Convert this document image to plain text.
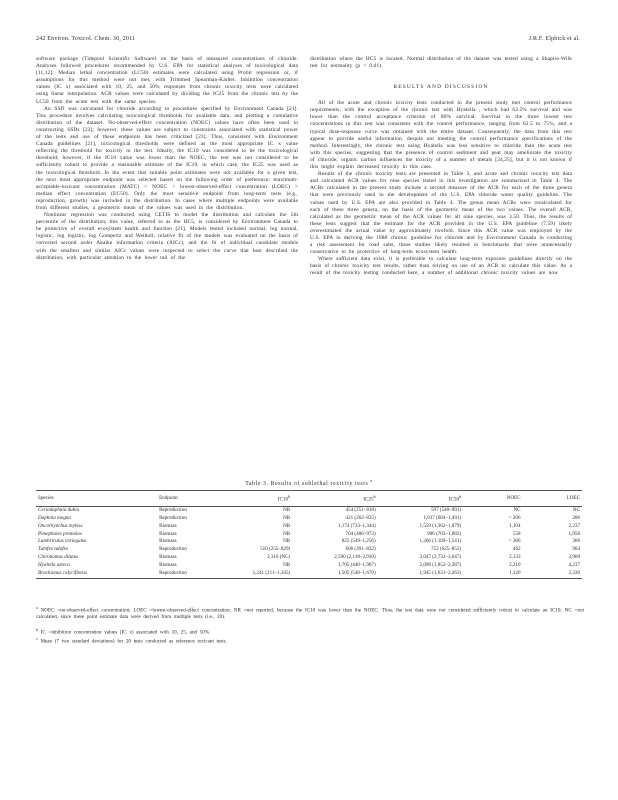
242 Environ. Toxicol. Chem. 30, 2011	J.R.F. Elphick et al.

software package (Tidepool Scientific Software) on the basis of measured concentrations of chloride. Analyses followed procedures recommended by U.S. EPA for statistical analyses of toxicological data [11,12]. Median lethal concentration (LC50) estimates were calculated using Probit regression or, if assumptions for this method were not met, with Trimmed Spearman-Karber. Inhibition concentration values (IC x) associated with 10, 25, and 50% responses from chronic toxicity tests were calculated using linear interpolation. ACR values were calculated by dividing the IC25 from the chronic test by the LC50 from the acute test with the same species.

An SSD was calculated for chloride according to procedures specified by Environment Canada [21]. This procedure involves calculating toxicological thresholds for available data, and plotting a cumulative distribution of the dataset. No-observed-effect concentration (NOEC) values have often been used in constructing SSDs [22]; however, these values are subject to constraints associated with statistical power of the tests and use of these endpoints has been criticized [23]. Thus, consistent with Environment Canada guidelines [21], toxicological thresholds were defined as the most appropriate IC x value reflecting the threshold for toxicity in the test. Ideally, the IC10 was considered to be the toxicological threshold; however, if the IC10 value was lower than the NOEC, the test was not considered to be sufficiently robust to provide a reasonable estimate of the IC10, in which case, the IC25 was used as the toxicological threshold. In the event that suitable point estimates were not available for a given test, the next most appropriate endpoint was selected based on the following order of preference: maximum-acceptable-toxicant concentration (MATC) > NOEC > lowest-observed-effect concentration (LOEC) > median effect concentration (EC50). Only the most sensitive endpoint from long-term tests (e.g., reproduction, growth) was included in the distribution. In cases where multiple endpoints were available from different studies, a geometric mean of the values was used in the distribution.

Nonlinear regression was conducted using CETIS to model the distribution and calculate the 5th percentile of the distribution; this value, referred to as the HC5, is considered by Environment Canada to be protective of overall ecosystem health and function [21]. Models tested included normal, log normal, logistic, log logistic, log Gompertz and Weibull; relative fit of the models was evaluated on the basis of corrected second order Akaike information criteria (AICc), and the fit of individual candidate models with the smallest and similar AICc values were inspected to select the curve that best described the distribution, with particular attention to the lower tail of the

distribution where the HC5 is located. Normal distribution of the dataset was tested using a Shapiro-Wilk test for normality (p < 0.01).

RESULTS AND DISCUSSION

All of the acute and chronic toxicity tests conducted in the present study met control performance requirements, with the exception of the chronic test with Hyalella , which had 62.5% survival and was lower than the control acceptance criterion of 80% survival. Survival in the three lowest test concentrations in this test was consistent with the control performance, ranging from 62.5 to 75%, and a typical dose-response curve was obtained with the entire dataset. Consequently, the data from this test appear to provide useful information, despite not meeting the control performance specifications of the method. Interestingly, the chronic test using Hyalella was less sensitive to chloride than the acute test with this species, suggesting that the presence of control sediment and peat may ameliorate the toxicity of chloride; organic carbon influences the toxicity of a number of metals [24,25], but it is not known if this might explain decreased toxicity in this case.

Results of the chronic toxicity tests are presented in Table 3, and acute and chronic toxicity test data and calculated ACR values for nine species tested in this investigation are summarized in Table 4. The ACRs calculated in the present study include a second measure of the ACR for each of the three genera that were previously used in the development of the U.S. EPA chloride water quality guideline. The values used by U.S. EPA are also provided in Table 4. The genus mean ACRs were recalculated for each of these three genera, on the basis of the geometric mean of the two values. The overall ACR, calculated as the geometric mean of the ACR values for all nine species, was 3.50. Thus, the results of these tests suggest that the estimate for the ACR provided in the U.S. EPA guideline (7.59) likely overestimated the actual value by approximately twofold. Since this ACR value was employed by the U.S. EPA in deriving the 1988 chronic guideline for chloride and by Environment Canada in conducting a risk assessment for road salts, these studies likely resulted in benchmarks that were unnecessarily conservative to be protective of long-term ecosystem health.

Where sufficient data exist, it is preferable to calculate long-term exposure guidelines directly on the basis of chronic toxicity test results, rather than relying on use of an ACR to calculate this value. As a result of the toxicity testing conducted here, a number of additional chronic toxicity values are now

Table 3. Results of sublethal toxicity tests $^a$
Species	Endpoint	IC10$^b$	IC25$^b$	IC50$^b$	NOEC	LOEC
Ceriodaphnia dubia	Reproduction	NR	454 (251–818)	597 (540–901)	NC	NC
Daphnia magna	Reproduction	NR	421 (262–825)	1,037 (684–1,491)	< 206	206
Oncorhynchus mykiss	Biomass	NR	1,174 (733–1,344)	1,559 (1,362–1,879)	1,104	2,237
Pimephales promelas	Biomass	NR	704 (486–973)	906 (703–1,082)	558	1,058
Lumbriculus variegatus	Biomass	NR	825 (549–1,256)	1,266 (1,109–1,541)	< 366	366
Tubifex tubifex	Reproduction	510 (255–829)	606 (391–832)	752 (625–853)	462	964
Chironomus dilutus	Biomass	2,316 (NC)	2,590 (2,118–2,930)	3,047 (2,732–3,647)	2,133	3,960
Hyalella azteca	Biomass	NR	1,705 (440–1,907)	2,098 (1,852–2,387)	2,210	4,237
Brachionus calyciflorus	Reproduction	1,241 (211–1,345)	1,505 (540–1,670)	1,945 (1,631–2,263)	1,120	2,330
$^a$ NOEC =no-observed-effect concentration; LOEC =lowest-observed-effect concentration; NR =not reported, because the IC10 was lower than the NOEC. Thus, the test data were not considered sufficiently robust to calculate an IC10; NC =not calculated, since these point estimate data were derived from multiple tests (i.e., 20).
$^b$ IC =inhibition concentration values (IC x) associated with 10, 25, and 50%.
$^c$ Mean (7 two standard deviations) for 20 tests conducted as reference toxicant tests.
